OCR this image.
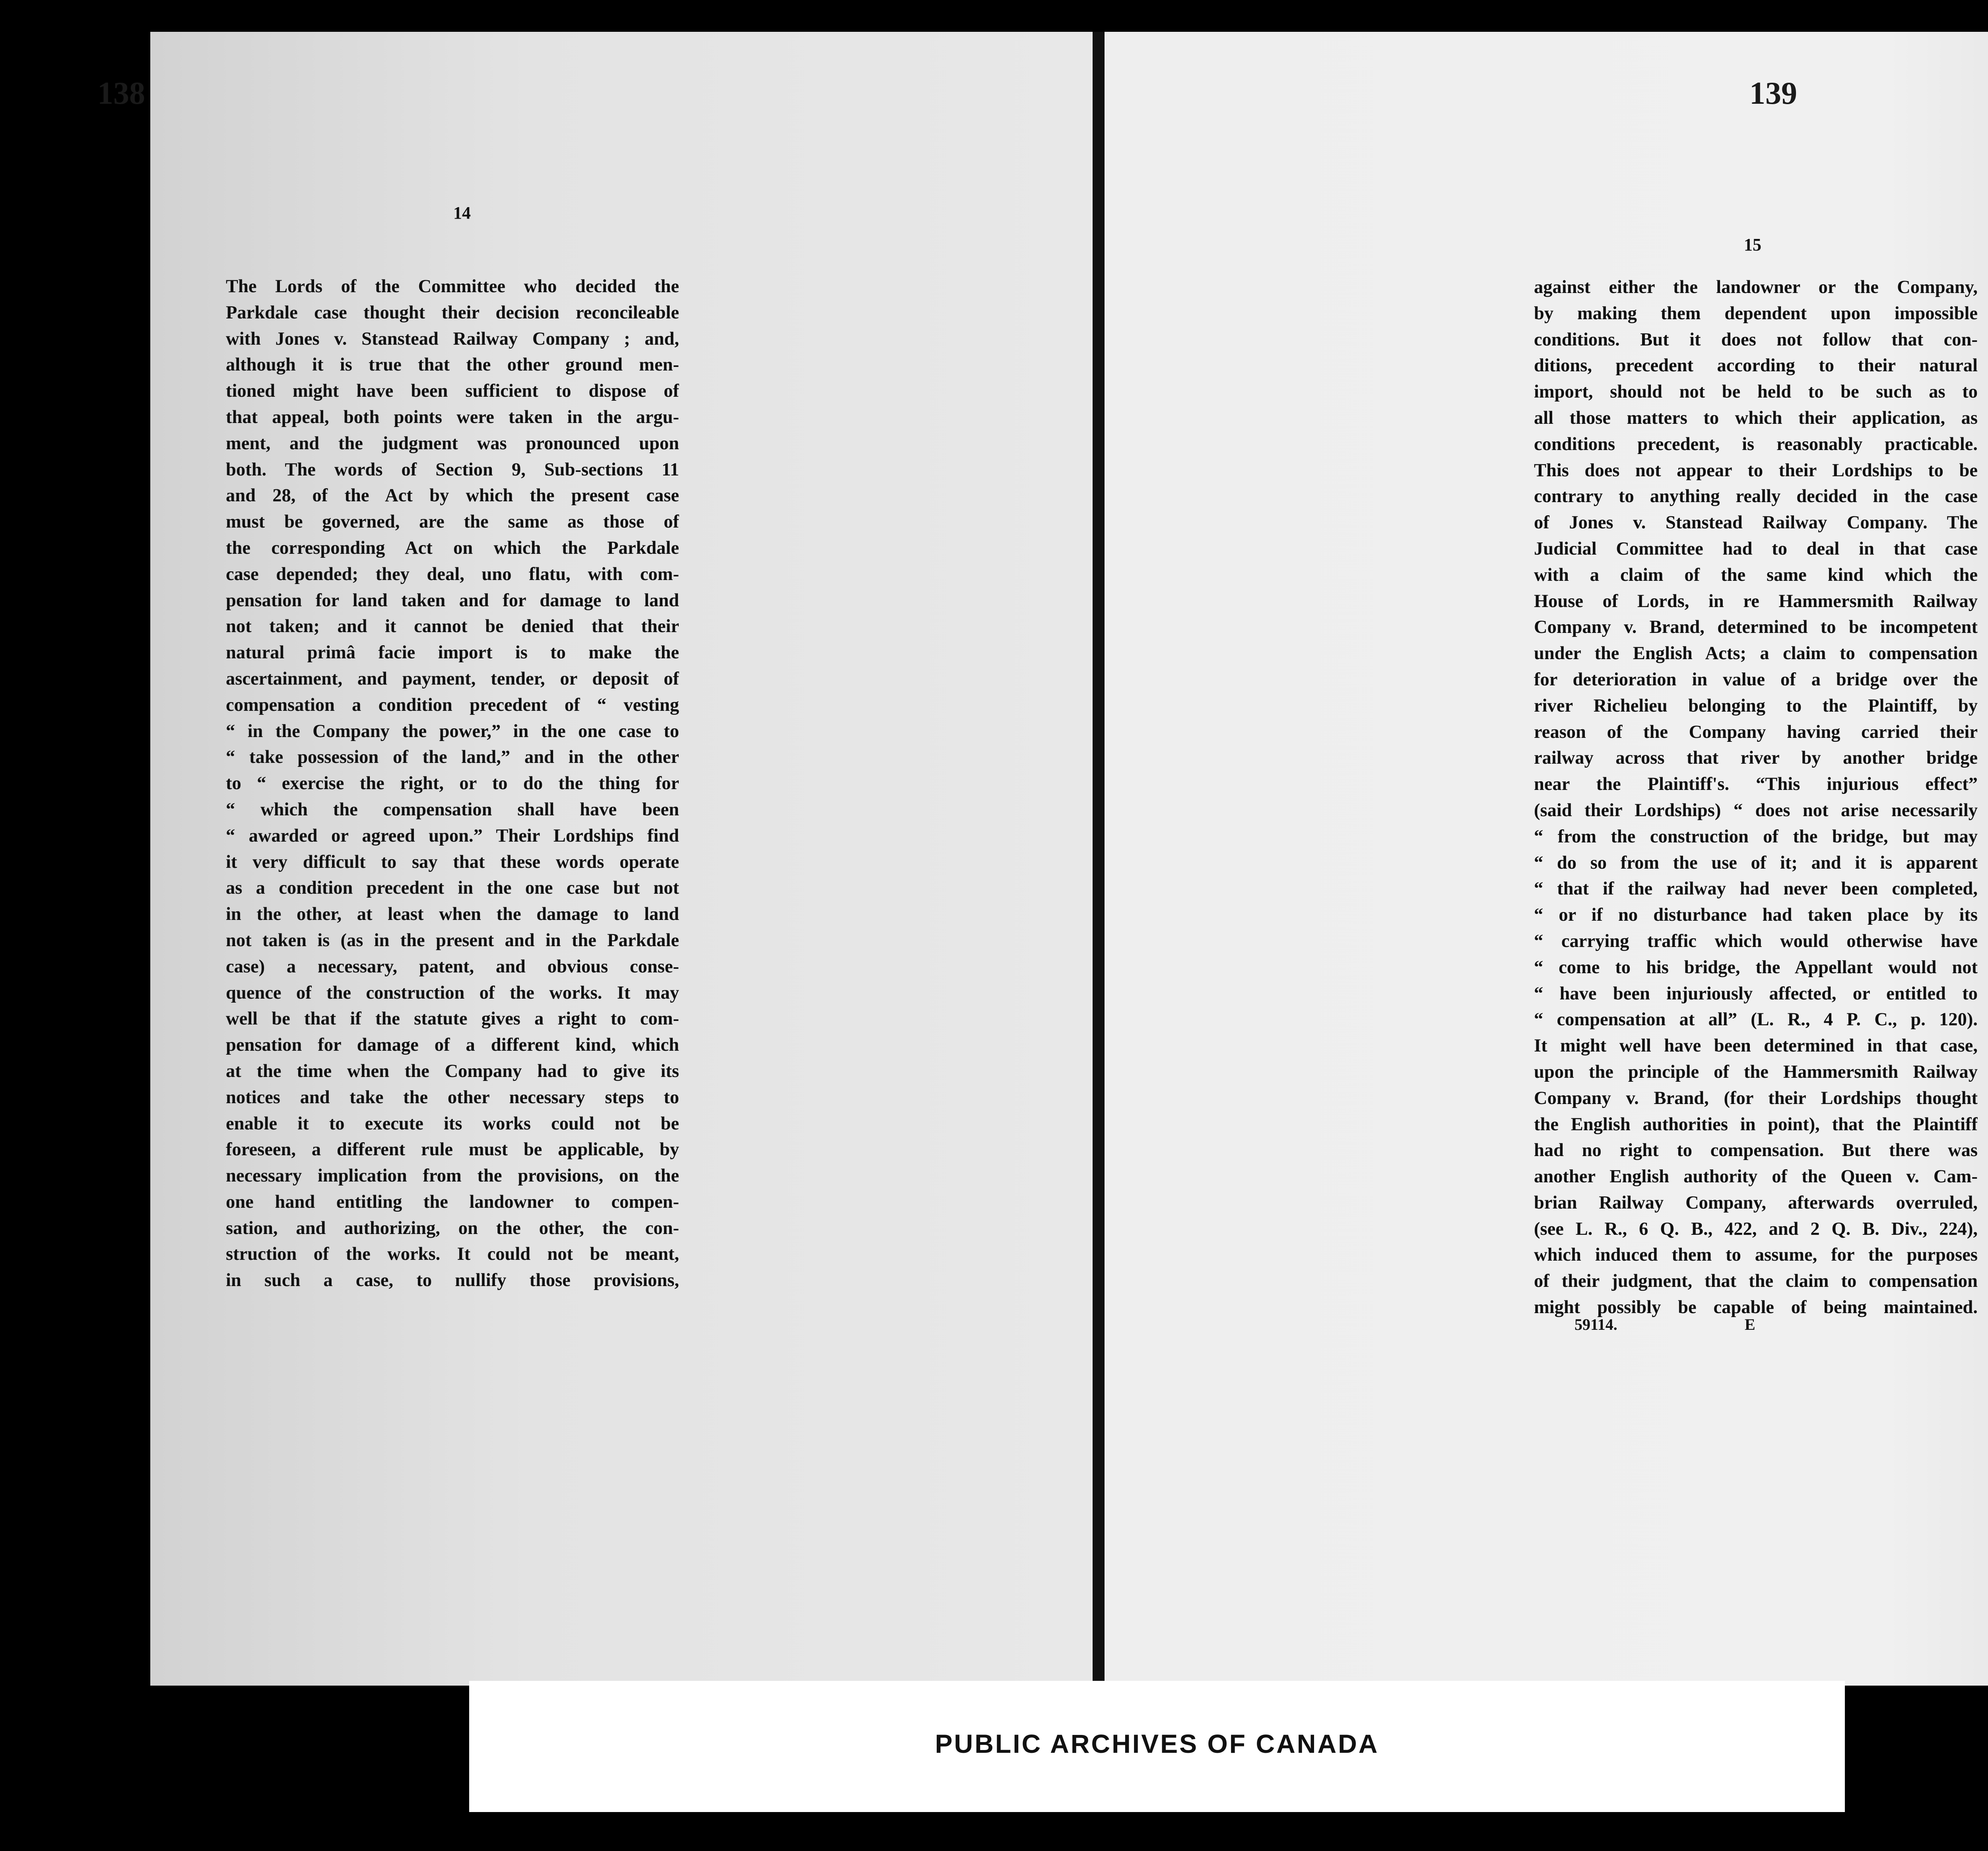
138	139
14
15
The Lords of the Committee who decided the
Parkdale case thought their decision reconcileable
with Jones v. Stanstead Railway Company ; and,
although it is true that the other ground men-
tioned might have been sufficient to dispose of
that appeal, both points were taken in the argu-
ment, and the judgment was pronounced upon
both. The words of Section 9, Sub-sections 11
and 28, of the Act by which the present case
must be governed, are the same as those of
the corresponding Act on which the Parkdale
case depended; they deal, uno flatu, with com-
pensation for land taken and for damage to land
not taken; and it cannot be denied that their
natural primâ facie import is to make the
ascertainment, and payment, tender, or deposit of
compensation a condition precedent of “ vesting
“ in the Company the power,” in the one case to
“ take possession of the land,” and in the other
to “ exercise the right, or to do the thing for
“ which the compensation shall have been
“ awarded or agreed upon.” Their Lordships find
it very difficult to say that these words operate
as a condition precedent in the one case but not
in the other, at least when the damage to land
not taken is (as in the present and in the Parkdale
case) a necessary, patent, and obvious conse-
quence of the construction of the works. It may
well be that if the statute gives a right to com-
pensation for damage of a different kind, which
at the time when the Company had to give its
notices and take the other necessary steps to
enable it to execute its works could not be
foreseen, a different rule must be applicable, by
necessary implication from the provisions, on the
one hand entitling the landowner to compen-
sation, and authorizing, on the other, the con-
struction of the works. It could not be meant,
in such a case, to nullify those provisions,
against either the landowner or the Company,
by making them dependent upon impossible
conditions. But it does not follow that con-
ditions, precedent according to their natural
import, should not be held to be such as to
all those matters to which their application, as
conditions precedent, is reasonably practicable.
This does not appear to their Lordships to be
contrary to anything really decided in the case
of Jones v. Stanstead Railway Company. The
Judicial Committee had to deal in that case
with a claim of the same kind which the
House of Lords, in re Hammersmith Railway
Company v. Brand, determined to be incompetent
under the English Acts; a claim to compensation
for deterioration in value of a bridge over the
river Richelieu belonging to the Plaintiff, by
reason of the Company having carried their
railway across that river by another bridge
near the Plaintiff's. “This injurious effect”
(said their Lordships) “ does not arise necessarily
“ from the construction of the bridge, but may
“ do so from the use of it; and it is apparent
“ that if the railway had never been completed,
“ or if no disturbance had taken place by its
“ carrying traffic which would otherwise have
“ come to his bridge, the Appellant would not
“ have been injuriously affected, or entitled to
“ compensation at all” (L. R., 4 P. C., p. 120).
It might well have been determined in that case,
upon the principle of the Hammersmith Railway
Company v. Brand, (for their Lordships thought
the English authorities in point), that the Plaintiff
had no right to compensation. But there was
another English authority of the Queen v. Cam-
brian Railway Company, afterwards overruled,
(see L. R., 6 Q. B., 422, and 2 Q. B. Div., 224),
which induced them to assume, for the purposes
of their judgment, that the claim to compensation
might possibly be capable of being maintained.
59114.	E
PUBLIC ARCHIVES OF CANADA
